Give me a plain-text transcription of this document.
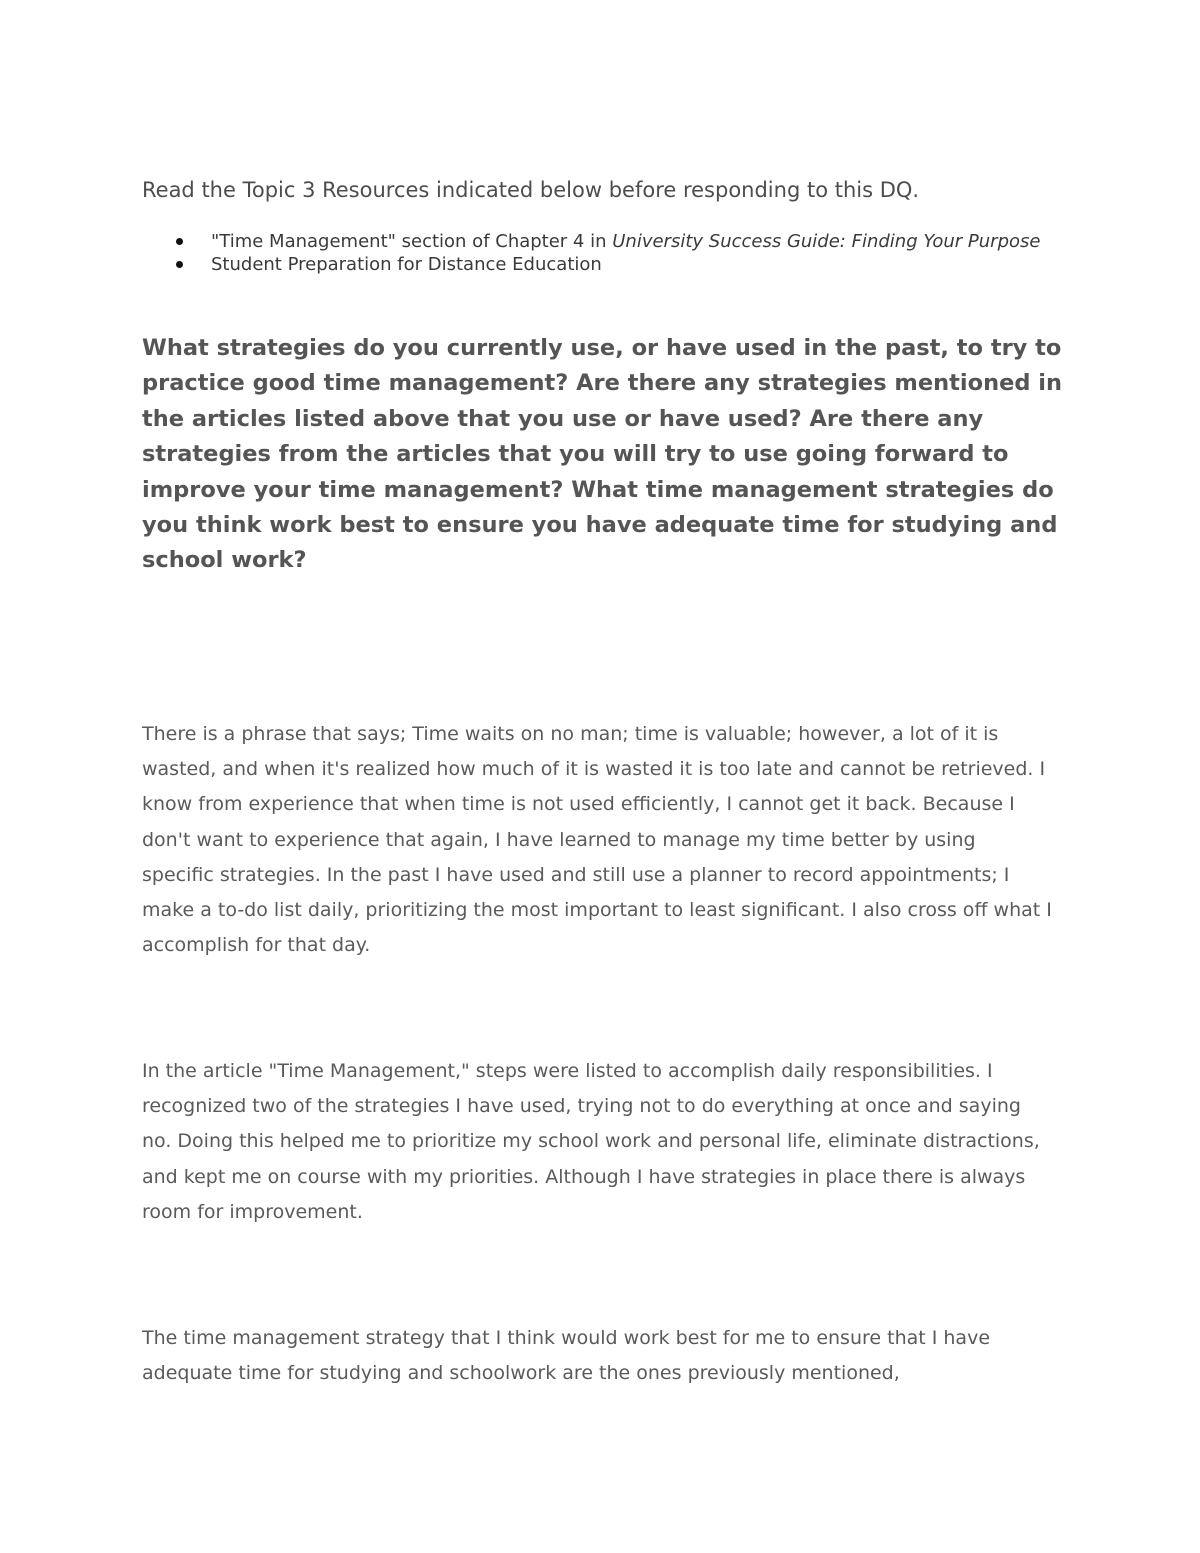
Read the Topic 3 Resources indicated below before responding to this DQ.
"Time Management" section of Chapter 4 in University Success Guide: Finding Your Purpose
Student Preparation for Distance Education

What strategies do you currently use, or have used in the past, to try to practice good time management? Are there any strategies mentioned in the articles listed above that you use or have used? Are there any strategies from the articles that you will try to use going forward to improve your time management? What time management strategies do you think work best to ensure you have adequate time for studying and school work?

There is a phrase that says; Time waits on no man; time is valuable; however, a lot of it is wasted, and when it's realized how much of it is wasted it is too late and cannot be retrieved. I know from experience that when time is not used efficiently, I cannot get it back. Because I don't want to experience that again, I have learned to manage my time better by using specific strategies. In the past I have used and still use a planner to record appointments; I make a to-do list daily, prioritizing the most important to least significant. I also cross off what I accomplish for that day.

In the article "Time Management," steps were listed to accomplish daily responsibilities. I recognized two of the strategies I have used, trying not to do everything at once and saying no. Doing this helped me to prioritize my school work and personal life, eliminate distractions, and kept me on course with my priorities. Although I have strategies in place there is always room for improvement.

The time management strategy that I think would work best for me to ensure that I have adequate time for studying and schoolwork are the ones previously mentioned,
